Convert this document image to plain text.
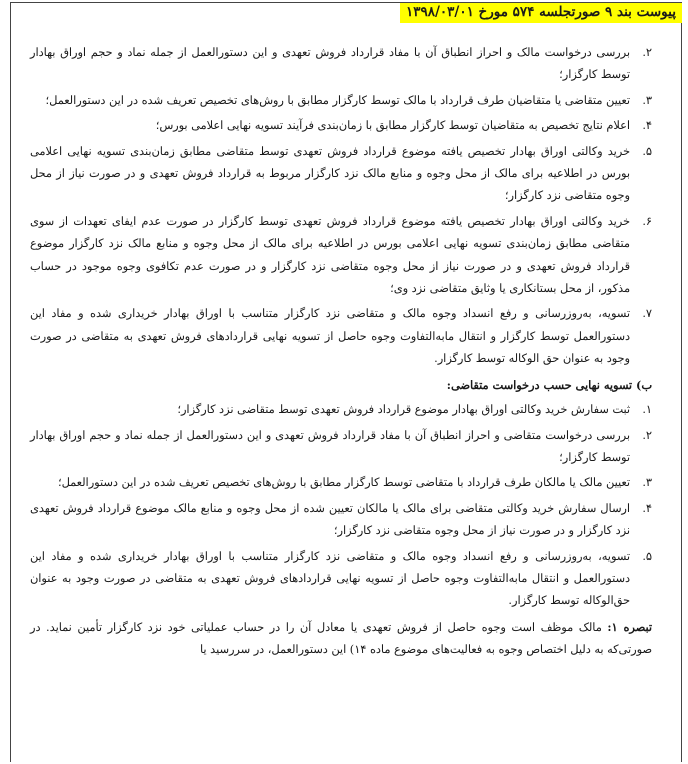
پیوست بند ۹ صورتجلسه ۵۷۴ مورخ ۱۳۹۸/۰۳/۰۱
۲.
بررسی درخواست مالک و احراز انطباق آن با مفاد قرارداد فروش تعهدی و این دستورالعمل از جمله نماد و حجم اوراق بهادار توسط کارگزار؛
۳.
تعیین متقاضی یا متقاضیان طرف قرارداد با مالک توسط کارگزار مطابق با روش‌های تخصیص تعریف شده در این دستورالعمل؛
۴.
اعلام نتایج تخصیص به متقاضیان توسط کارگزار مطابق با زمان‌بندی فرآیند تسویه نهایی اعلامی بورس؛
۵.
خرید وکالتی اوراق بهادار تخصیص یافته موضوع قرارداد فروش تعهدی توسط متقاضی مطابق زمان‌بندی تسویه نهایی اعلامی بورس در اطلاعیه برای مالک از محل وجوه و منابع مالک نزد کارگزار مربوط به قرارداد فروش تعهدی و در صورت نیاز از محل وجوه متقاضی نزد کارگزار؛
۶.
خرید وکالتی اوراق بهادار تخصیص یافته موضوع قرارداد فروش تعهدی توسط کارگزار در صورت عدم ایفای تعهدات از سوی متقاضی مطابق زمان‌بندی تسویه نهایی اعلامی بورس در اطلاعیه برای مالک از محل وجوه و منابع مالک نزد کارگزار موضوع قرارداد فروش تعهدی و در صورت نیاز از محل وجوه متقاضی نزد کارگزار و در صورت عدم تکافوی وجوه موجود در حساب مذکور، از محل بستانکاری یا وثایق متقاضی نزد وی؛
۷.
تسویه، به‌روزرسانی و رفع انسداد وجوه مالک و متقاضی نزد کارگزار متناسب با اوراق بهادار خریداری شده و مفاد این دستورالعمل توسط کارگزار و انتقال مابه‌التفاوت وجوه حاصل از تسویه نهایی قراردادهای فروش تعهدی به متقاضی در صورت وجود به عنوان حق الوکاله توسط کارگزار.
ب) تسویه نهایی حسب درخواست متقاضی:
۱.
ثبت سفارش خرید وکالتی اوراق بهادار موضوع قرارداد فروش تعهدی توسط متقاضی نزد کارگزار؛
۲.
بررسی درخواست متقاضی و احراز انطباق آن با مفاد قرارداد فروش تعهدی و این دستورالعمل از جمله نماد و حجم اوراق بهادار توسط کارگزار؛
۳.
تعیین مالک یا مالکان طرف قرارداد با متقاضی توسط کارگزار مطابق با روش‌های تخصیص تعریف شده در این دستورالعمل؛
۴.
ارسال سفارش خرید وکالتی متقاضی برای مالک یا مالکان تعیین شده از محل وجوه و منابع مالک موضوع قرارداد فروش تعهدی نزد کارگزار و در صورت نیاز از محل وجوه متقاضی نزد کارگزار؛
۵.
تسویه، به‌روزرسانی و رفع انسداد وجوه مالک و متقاضی نزد کارگزار متناسب با اوراق بهادار خریداری شده و مفاد این دستورالعمل و انتقال مابه‌التفاوت وجوه حاصل از تسویه نهایی قراردادهای فروش تعهدی به متقاضی در صورت وجود به عنوان حق‌الوکاله توسط کارگزار.
تبصره ۱: مالک موظف است وجوه حاصل از فروش تعهدی یا معادل آن را در حساب عملیاتی خود نزد کارگزار تأمین نماید. در صورتی‌که به دلیل اختصاص وجوه به فعالیت‌های موضوع ماده ۱۴) این دستورالعمل، در سررسید یا
